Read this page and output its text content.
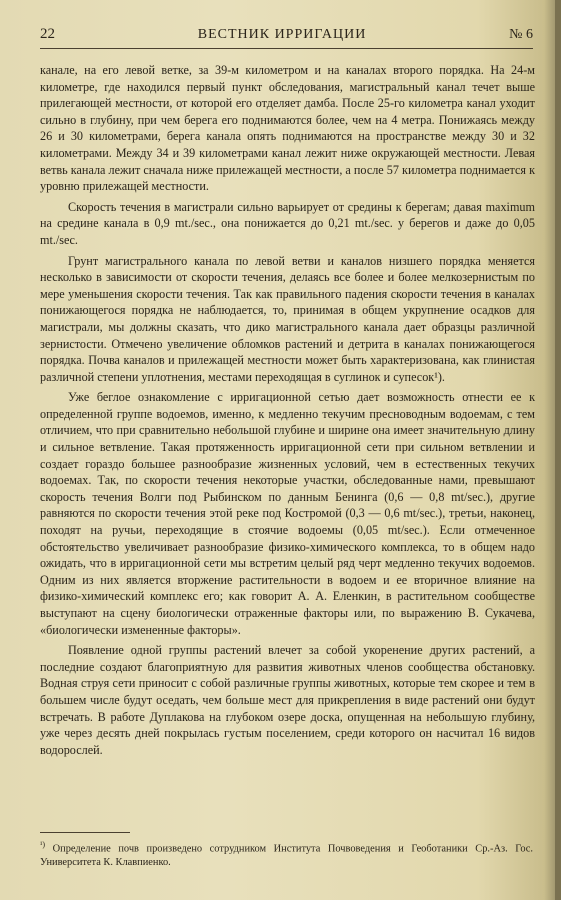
22	ВЕСТНИК ИРРИГАЦИИ	№ 6

канале, на его левой ветке, за 39-м километром и на каналах второго порядка. На 24-м километре, где находился первый пункт обследования, магистральный канал течет выше прилегающей местности, от которой его отделяет дамба. После 25-го километра канал уходит сильно в глубину, при чем берега его поднимаются более, чем на 4 метра. Понижаясь между 26 и 30 километрами, берега канала опять поднимаются на пространстве между 30 и 32 километрами. Между 34 и 39 километрами канал лежит ниже окружающей местности. Левая ветвь канала лежит сначала ниже прилежащей местности, а после 57 километра поднимается к уровню прилежащей местности.

Скорость течения в магистрали сильно варьирует от средины к берегам; давая maximum на средине канала в 0,9 mt./sec., она понижается до 0,21 mt./sec. у берегов и даже до 0,05 mt./sec.

Грунт магистрального канала по левой ветви и каналов низшего порядка меняется несколько в зависимости от скорости течения, делаясь все более и более мелкозернистым по мере уменьшения скорости течения. Так как правильного падения скорости течения в каналах понижающегося порядка не наблюдается, то, принимая в общем укрупнение осадков для магистрали, мы должны сказать, что дико магистрального канала дает образцы различной зернистости. Отмечено увеличение обломков растений и детрита в каналах понижающегося порядка. Почва каналов и прилежащей местности может быть характеризована, как глинистая различной степени уплотнения, местами переходящая в суглинок и супесок¹).

Уже беглое ознакомление с ирригационной сетью дает возможность отнести ее к определенной группе водоемов, именно, к медленно текучим пресноводным водоемам, с тем отличием, что при сравнительно небольшой глубине и ширине она имеет значительную длину и сильное ветвление. Такая протяженность ирригационной сети при сильном ветвлении и создает гораздо большее разнообразие жизненных условий, чем в естественных текучих водоемах. Так, по скорости течения некоторые участки, обследованные нами, превышают скорость течения Волги под Рыбинском по данным Бенинга (0,6 — 0,8 mt/sec.), другие равняются по скорости течения этой реке под Костромой (0,3 — 0,6 mt/sec.), третьи, наконец, походят на ручьи, переходящие в стоячие водоемы (0,05 mt/sec.). Если отмеченное обстоятельство увеличивает разнообразие физико-химического комплекса, то в общем надо ожидать, что в ирригационной сети мы встретим целый ряд черт медленно текучих водоемов. Одним из них является вторжение растительности в водоем и ее вторичное влияние на физико-химический комплекс его; как говорит А. А. Еленкин, в растительном сообществе выступают на сцену биологически отраженные факторы или, по выражению В. Сукачева, «биологически измененные факторы».

Появление одной группы растений влечет за собой укоренение других растений, а последние создают благоприятную для развития животных членов сообщества обстановку. Водная струя сети приносит с собой различные группы животных, которые тем скорее и тем в большем числе будут оседать, чем больше мест для прикрепления в виде растений они будут встречать. В работе Дуплакова на глубоком озере доска, опущенная на небольшую глубину, уже через десять дней покрылась густым поселением, среди которого он насчитал 16 видов водорослей.

$^{^1)}$ Определение почв произведено сотрудником Института Почвоведения и Геоботаники Ср.-Аз. Гос. Университета К. Клавпиенко.
